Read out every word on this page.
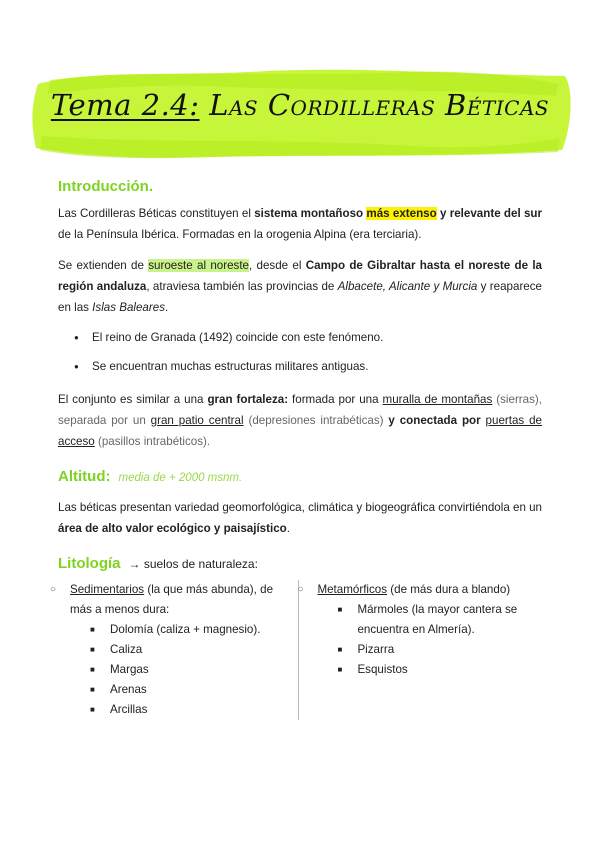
Tema 2.4: Las Cordilleras Béticas
Introducción.

Las Cordilleras Béticas constituyen el sistema montañoso más extenso y relevante del sur de la Península Ibérica. Formadas en la orogenia Alpina (era terciaria).

Se extienden de suroeste al noreste, desde el Campo de Gibraltar hasta el noreste de la región andaluza, atraviesa también las provincias de Albacete, Alicante y Murcia y reaparece en las Islas Baleares.

● El reino de Granada (1492) coincide con este fenómeno.
● Se encuentran muchas estructuras militares antiguas.

El conjunto es similar a una gran fortaleza: formada por una muralla de montañas (sierras), separada por un gran patio central (depresiones intrabéticas) y conectada por puertas de acceso (pasillos intrabéticos).

Altitud: media de + 2000 msnm.

Las béticas presentan variedad geomorfológica, climática y biogeográfica convirtiéndola en un área de alto valor ecológico y paisajístico.

Litología → suelos de naturaleza:
○ Sedimentarios (la que más abunda), de más a menos dura:
■ Dolomía (caliza + magnesio).
■ Caliza
■ Margas
■ Arenas
■ Arcillas
○ Metamórficos (de más dura a blando)
■ Mármoles (la mayor cantera se encuentra en Almería).
■ Pizarra
■ Esquistos
